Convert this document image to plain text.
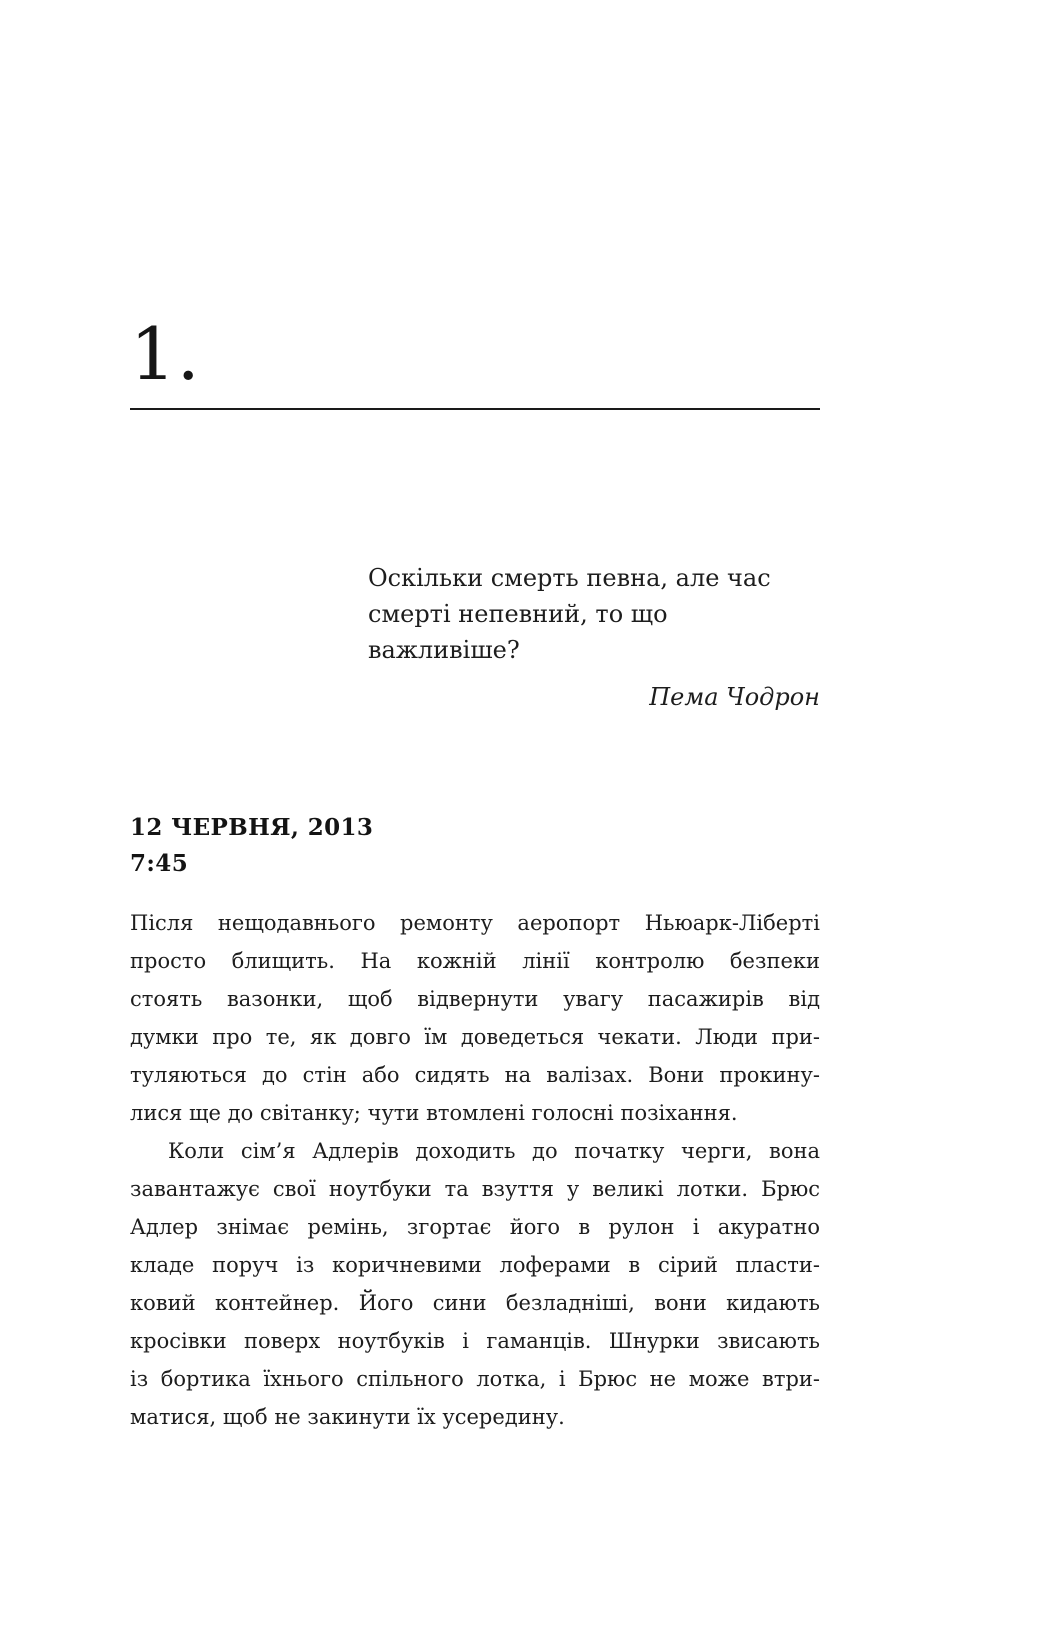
1.
Оскільки смерть певна, але час
смерті непевний, то що важливіше?
Пема Чодрон
12 ЧЕРВНЯ, 2013
7:45
Після нещодавнього ремонту аеропорт Ньюарк-Ліберті
просто блищить. На кожній лінії контролю безпеки
стоять вазонки, щоб відвернути увагу пасажирів від
думки про те, як довго їм доведеться чекати. Люди при-
туляються до стін або сидять на валізах. Вони прокину-
лися ще до світанку; чути втомлені голосні позіхання.
Коли сім’я Адлерів доходить до початку черги, вона
завантажує свої ноутбуки та взуття у великі лотки. Брюс
Адлер знімає ремінь, згортає його в рулон і акуратно
кладе поруч із коричневими лоферами в сірий пласти-
ковий контейнер. Його сини безладніші, вони кидають
кросівки поверх ноутбуків і гаманців. Шнурки звисають
із бортика їхнього спільного лотка, і Брюс не може втри-
матися, щоб не закинути їх усередину.
